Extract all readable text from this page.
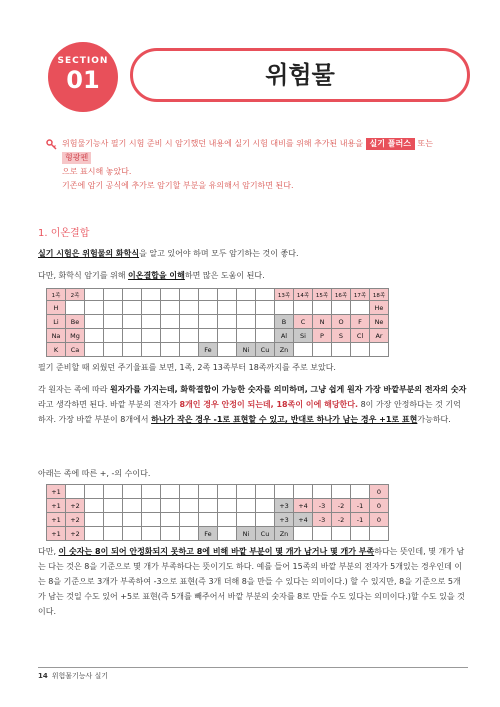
SECTION
01	위험물
위험물기능사 필기 시험 준비 시 암기했던 내용에 실기 시험 대비를 위해 추가된 내용을 실기 플러스 또는 형광펜
으로 표시해 놓았다.
기존에 암기 공식에 추가로 암기할 부분을 유의해서 암기하면 된다.
1. 이온결합
실기 시험은 위험물의 화학식을 알고 있어야 하며 모두 암기하는 것이 좋다.
다만, 화학식 암기를 위해 이온결합을 이해하면 많은 도움이 된다.
1족	2족											13족	14족	15족	16족	17족	18족
H																	He
Li	Be											B	C	N	O	F	Ne
Na	Mg											Al	Si	P	S	Cl	Ar
K	Ca							Fe		Ni	Cu	Zn					
필기 준비할 때 외웠던 주기율표를 보면, 1족, 2족 13족부터 18족까지를 주로 보았다.
각 원자는 족에 따라 원자가를 가지는데, 화학결합이 가능한 숫자를 의미하며, 그냥 쉽게 원자 가장 바깥부분의 전자의 숫자라고 생각하면 된다. 바깥 부분의 전자가 8개인 경우 안정이 되는데, 18족이 이에 해당한다. 8이 가장 안정하다는 것 기억하자. 가장 바깥 부분이 8개에서 하나가 작은 경우 -1로 표현할 수 있고, 반대로 하나가 남는 경우 +1로 표현가능하다.
아래는 족에 따른 +, -의 수이다.
+1																	0
+1	+2											+3	+4	-3	-2	-1	0
+1	+2											+3	+4	-3	-2	-1	0
+1	+2							Fe		Ni	Cu	Zn					
다만, 이 숫자는 8이 되어 안정화되지 못하고 8에 비해 바깥 부분이 몇 개가 남거나 몇 개가 부족하다는 뜻인데, 몇 개가 남는 다는 것은 8을 기준으로 몇 개가 부족하다는 뜻이기도 하다. 예를 들어 15족의 바깥 부분의 전자가 5개있는 경우인데 이는 8을 기준으로 3개가 부족하여 -3으로 표현(즉 3개 더해 8을 만들 수 있다는 의미이다.) 할 수 있지만, 8을 기준으로 5개가 남는 것일 수도 있어 +5로 표현(즉 5개를 빼주어서 바깥 부분의 숫자를 8로 만들 수도 있다는 의미이다.)할 수도 있을 것이다.
14 위험물기능사 실기
